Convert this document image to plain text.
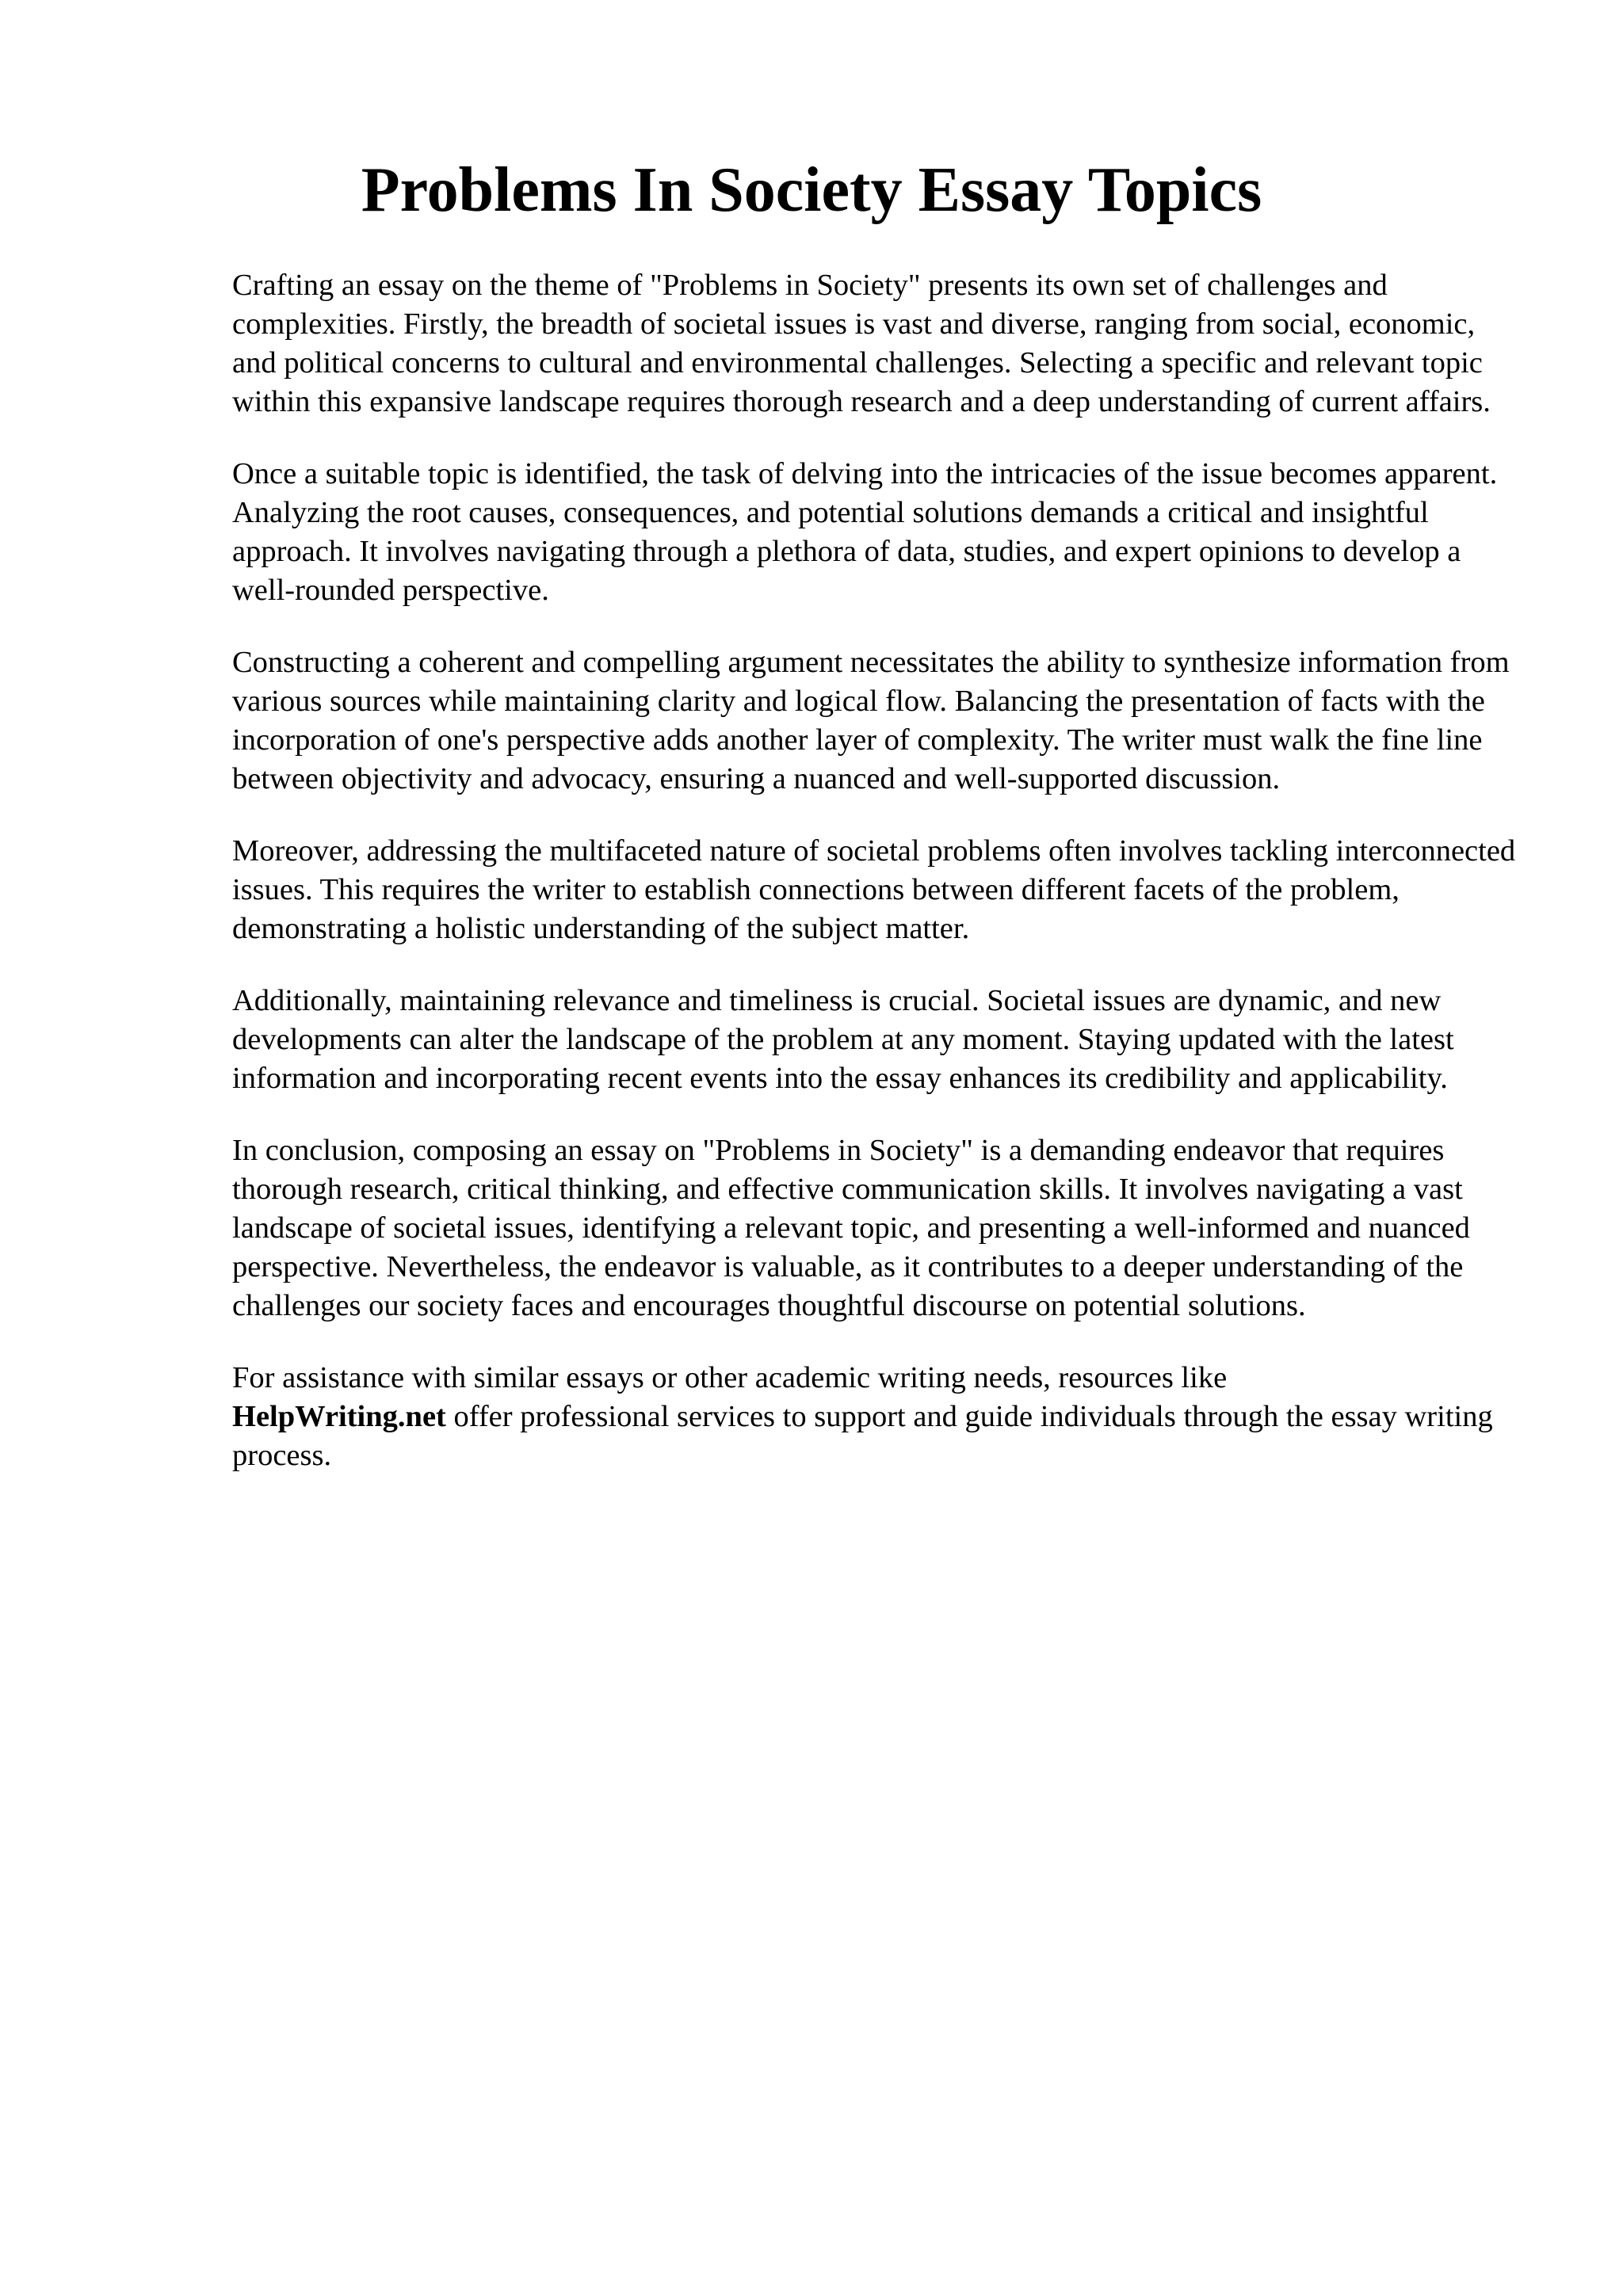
Problems In Society Essay Topics

Crafting an essay on the theme of "Problems in Society" presents its own set of challenges and complexities. Firstly, the breadth of societal issues is vast and diverse, ranging from social, economic, and political concerns to cultural and environmental challenges. Selecting a specific and relevant topic within this expansive landscape requires thorough research and a deep understanding of current affairs.

Once a suitable topic is identified, the task of delving into the intricacies of the issue becomes apparent. Analyzing the root causes, consequences, and potential solutions demands a critical and insightful approach. It involves navigating through a plethora of data, studies, and expert opinions to develop a well-rounded perspective.

Constructing a coherent and compelling argument necessitates the ability to synthesize information from various sources while maintaining clarity and logical flow. Balancing the presentation of facts with the incorporation of one's perspective adds another layer of complexity. The writer must walk the fine line between objectivity and advocacy, ensuring a nuanced and well-supported discussion.

Moreover, addressing the multifaceted nature of societal problems often involves tackling interconnected issues. This requires the writer to establish connections between different facets of the problem, demonstrating a holistic understanding of the subject matter.

Additionally, maintaining relevance and timeliness is crucial. Societal issues are dynamic, and new developments can alter the landscape of the problem at any moment. Staying updated with the latest information and incorporating recent events into the essay enhances its credibility and applicability.

In conclusion, composing an essay on "Problems in Society" is a demanding endeavor that requires thorough research, critical thinking, and effective communication skills. It involves navigating a vast landscape of societal issues, identifying a relevant topic, and presenting a well-informed and nuanced perspective. Nevertheless, the endeavor is valuable, as it contributes to a deeper understanding of the challenges our society faces and encourages thoughtful discourse on potential solutions.

For assistance with similar essays or other academic writing needs, resources like
HelpWriting.net offer professional services to support and guide individuals through the essay writing process.
